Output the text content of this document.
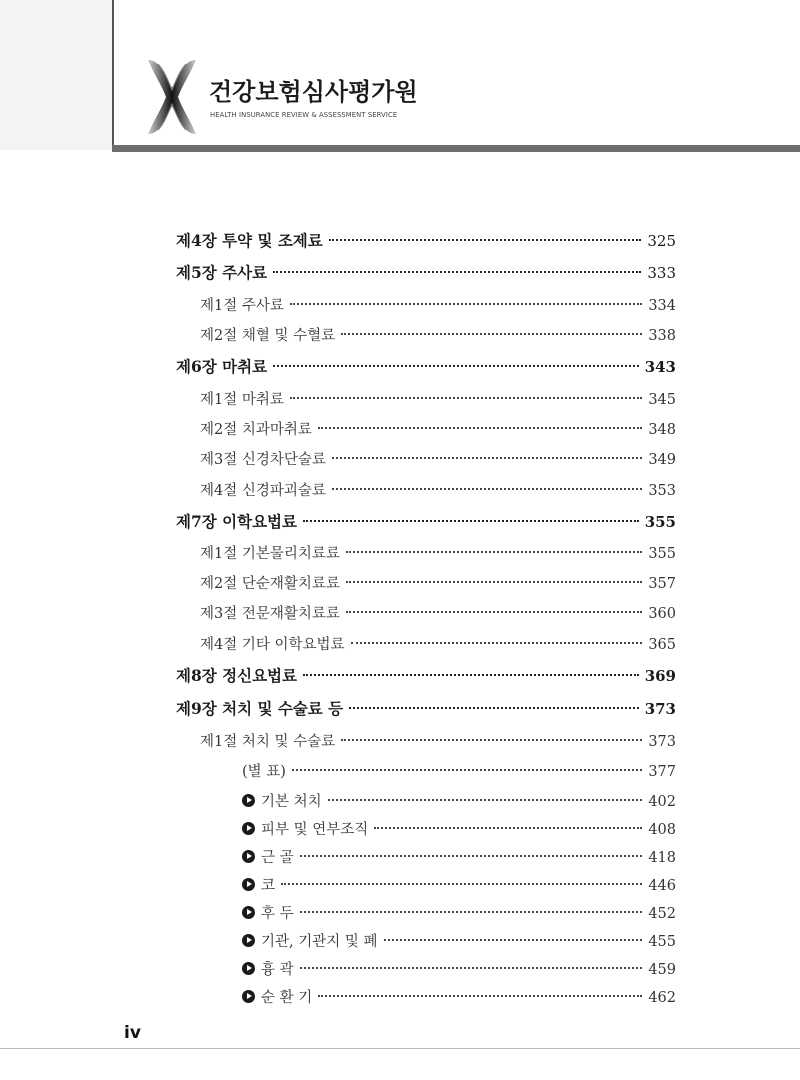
건강보험심사평가원
HEALTH INSURANCE REVIEW & ASSESSMENT SERVICE
제4장 투약 및 조제료	325
제5장 주사료	333
제1절 주사료	334
제2절 채혈 및 수혈료	338
제6장 마취료	343
제1절 마취료	345
제2절 치과마취료	348
제3절 신경차단술료	349
제4절 신경파괴술료	353
제7장 이학요법료	355
제1절 기본물리치료료	355
제2절 단순재활치료료	357
제3절 전문재활치료료	360
제4절 기타 이학요법료	365
제8장 정신요법료	369
제9장 처치 및 수술료 등	373
제1절 처치 및 수술료	373
(별 표)	377
기본 처치	402
피부 및 연부조직	408
근 골	418
코	446
후 두	452
기관, 기관지 및 폐	455
흉 곽	459
순 환 기	462
iv
